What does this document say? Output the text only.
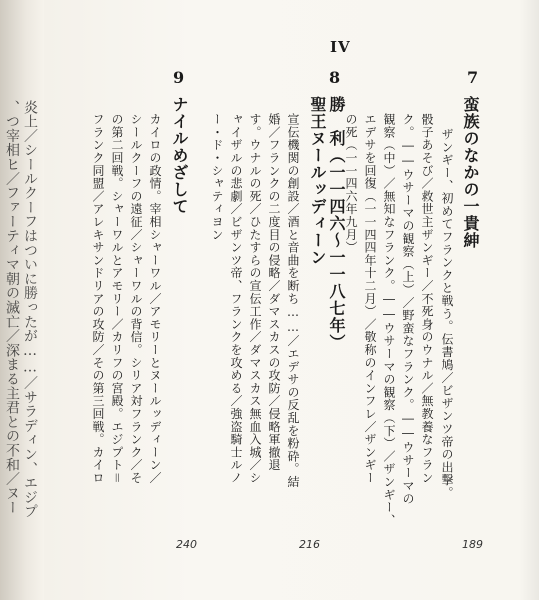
、つ宰相ヒ／ファーティマ朝の滅亡／深まる主君との不和／ヌー 炎上／シールクーフはついに勝ったが……／サラディン、エジプ
IV
7
8
9
蛮族のなかの一貴紳
ザンギー、初めてフランクと戦う。伝書鳩／ビザンツ帝の出撃。
骰子あそび／救世主ザンギー／不死身のウナル／無教養なフラン
ク。――ウサーマの観察（上）／野蛮なフランク。――ウサーマの
観察（中）／無知なフランク。――ウサーマの観察（下）／ザンギー、
エデサを回復（一一四四年十二月）／敬称のインフレ／ザンギー
の死（一一四六年九月）
189
勝　利（一一四六～一一八七年）
聖王ヌールッディーン
宣伝機関の創設／酒と音曲を断ち……／エデサの反乱を粉砕。結
婚／フランクの二度目の侵略／ダマスカスの攻防／侵略軍撤退
す。ウナルの死／ひたすらの宣伝工作／ダマスカス無血入城／シ
ャイザルの悲劇／ビザンツ帝、フランクを攻める／強盗騎士ルノ
ー・ド・シャティヨン
216
ナイルめざして
カイロの政情。宰相シャーワル／アモリーとヌールッディーン／
シールクーフの遠征／シャーワルの背信。シリア対フランク／そ
の第二回戦。シャーワルとアモリー／カリフの宮殿。エジプト＝
フランク同盟／アレキサンドリアの攻防／その第三回戦。カイロ
240
